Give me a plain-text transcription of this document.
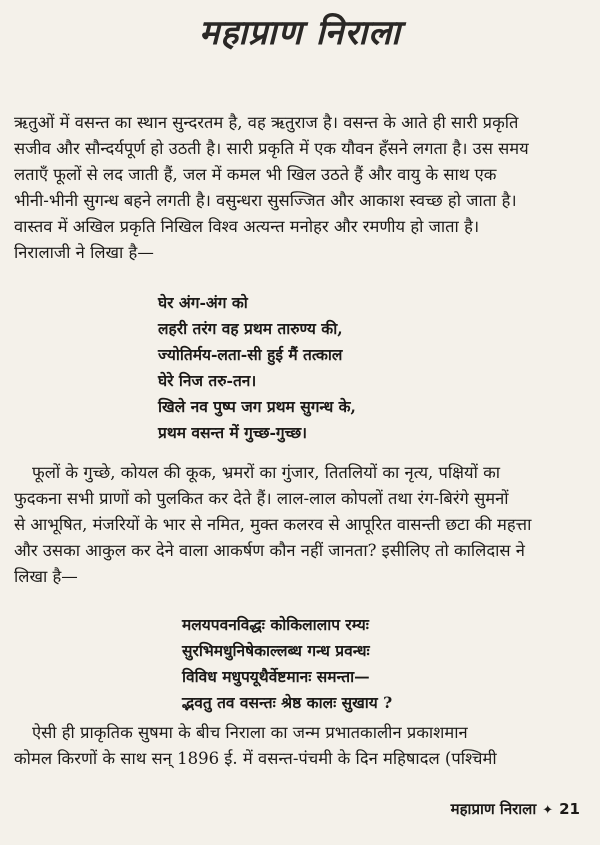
महाप्राण निराला
ऋतुओं में वसन्त का स्थान सुन्दरतम है, वह ऋतुराज है। वसन्त के आते ही सारी प्रकृति
सजीव और सौन्दर्यपूर्ण हो उठती है। सारी प्रकृति में एक यौवन हँसने लगता है। उस समय
लताएँ फूलों से लद जाती हैं, जल में कमल भी खिल उठते हैं और वायु के साथ एक
भीनी-भीनी सुगन्ध बहने लगती है। वसुन्धरा सुसज्जित और आकाश स्वच्छ हो जाता है।
वास्तव में अखिल प्रकृति निखिल विश्व अत्यन्त मनोहर और रमणीय हो जाता है।
निरालाजी ने लिखा है—
घेर अंग-अंग को
लहरी तरंग वह प्रथम तारुण्य की,
ज्योतिर्मय-लता-सी हुई मैं तत्काल
घेरे निज तरु-तन।
खिले नव पुष्प जग प्रथम सुगन्ध के,
प्रथम वसन्त में गुच्छ-गुच्छ।
फूलों के गुच्छे, कोयल की कूक, भ्रमरों का गुंजार, तितलियों का नृत्य, पक्षियों का
फुदकना सभी प्राणों को पुलकित कर देते हैं। लाल-लाल कोपलों तथा रंग-बिरंगे सुमनों
से आभूषित, मंजरियों के भार से नमित, मुक्त कलरव से आपूरित वासन्ती छटा की महत्ता
और उसका आकुल कर देने वाला आकर्षण कौन नहीं जानता? इसीलिए तो कालिदास ने
लिखा है—
मलयपवनविद्धः कोकिलालाप रम्यः
सुरभिमधुनिषेकाल्लब्ध गन्ध प्रवन्धः
विविध मधुपयूथैर्वेष्टमानः समन्ता—
द्भवतु तव वसन्तः श्रेष्ठ कालः सुखाय ?
ऐसी ही प्राकृतिक सुषमा के बीच निराला का जन्म प्रभातकालीन प्रकाशमान
कोमल किरणों के साथ सन् 1896 ई. में वसन्त-पंचमी के दिन महिषादल (पश्चिमी
महाप्राण निराला ✦ 21
